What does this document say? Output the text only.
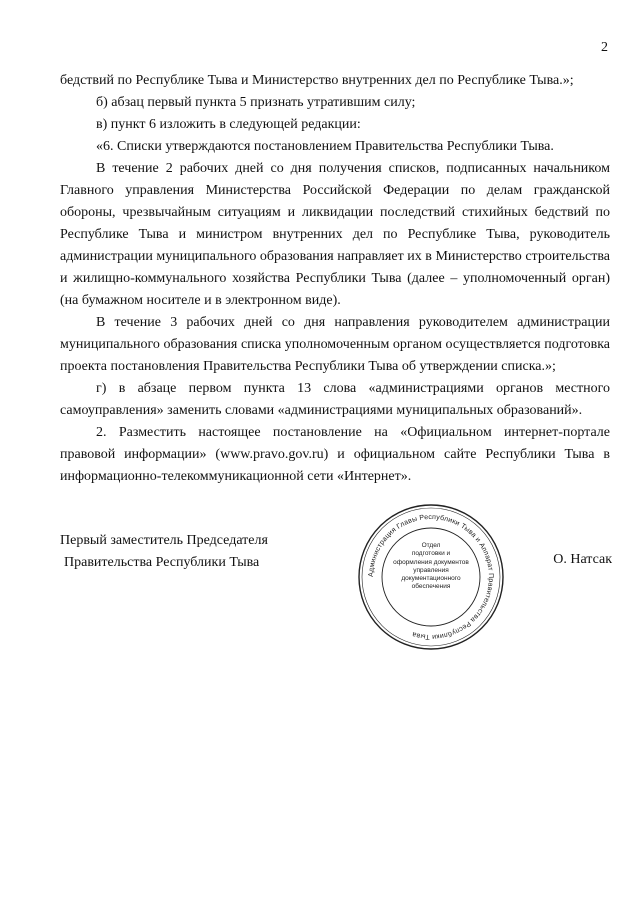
2

бедствий по Республике Тыва и Министерство внутренних дел по Республике Тыва.»;

б) абзац первый пункта 5 признать утратившим силу;

в) пункт 6 изложить в следующей редакции:

«6. Списки утверждаются постановлением Правительства Республики Тыва.

В течение 2 рабочих дней со дня получения списков, подписанных начальником Главного управления Министерства Российской Федерации по делам гражданской обороны, чрезвычайным ситуациям и ликвидации последствий стихийных бедствий по Республике Тыва и министром внутренних дел по Республике Тыва, руководитель администрации муниципального образования направляет их в Министерство строительства и жилищно-коммунального хозяйства Республики Тыва (далее – уполномоченный орган) (на бумажном носителе и в электронном виде).

В течение 3 рабочих дней со дня направления руководителем администрации муниципального образования списка уполномоченным органом осуществляется подготовка проекта постановления Правительства Республики Тыва об утверждении списка.»;

г) в абзаце первом пункта 13 слова «администрациями органов местного самоуправления» заменить словами «администрациями муниципальных образований».

2. Разместить настоящее постановление на «Официальном интернет-портале правовой информации» (www.pravo.gov.ru) и официальном сайте Республики Тыва в информационно-телекоммуникационной сети «Интернет».

Первый заместитель Председателя
Правительства Республики Тыва
Администрация Главы Республики Тыва и Аппарат Правительства Республики Тыва
Отдел
подготовки и
оформления документов
управления
документационного
обеспечения
О. Натсак
